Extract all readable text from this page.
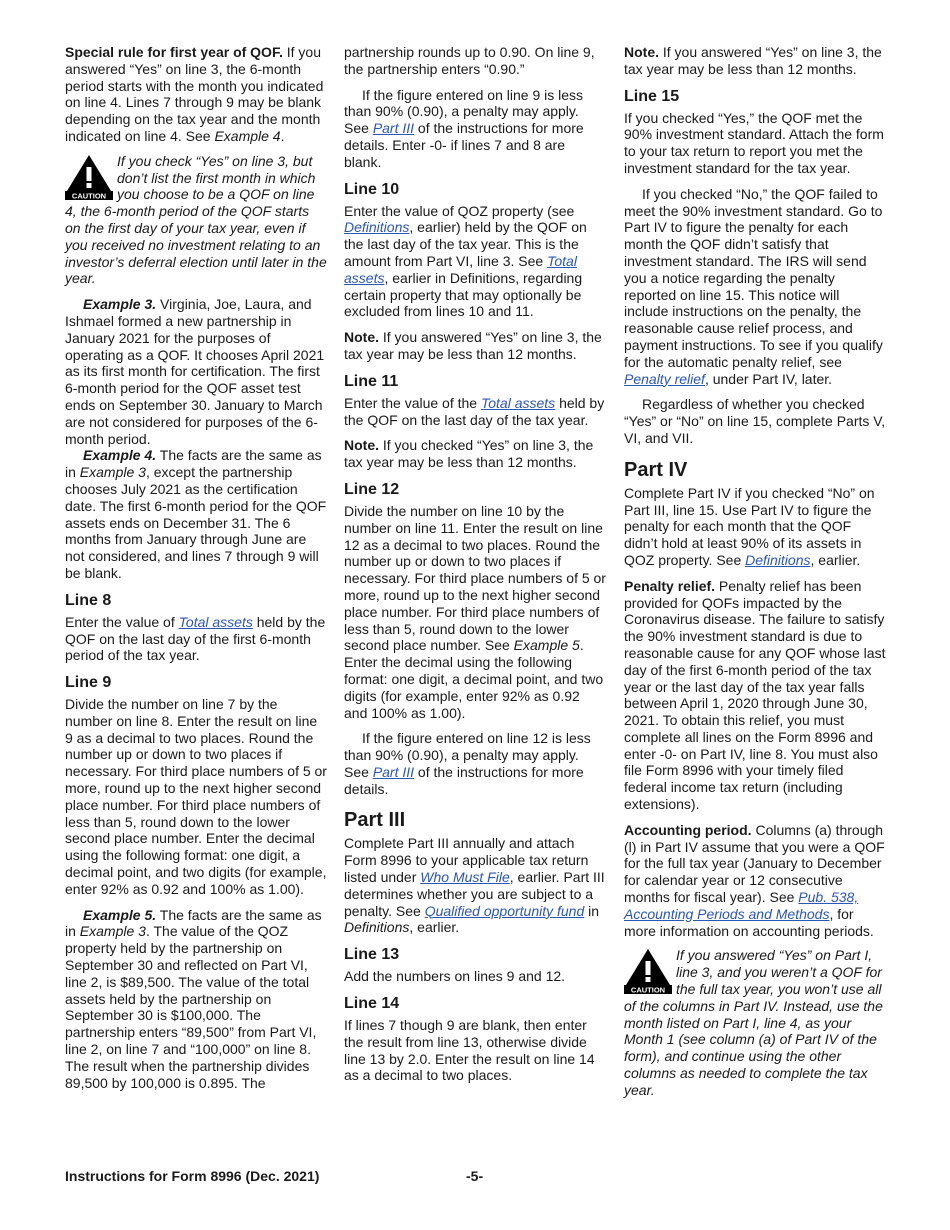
Special rule for first year of QOF. If you answered “Yes” on line 3, the 6-month period starts with the month you indicated on line 4. Lines 7 through 9 may be blank depending on the tax year and the month indicated on line 4. See Example 4.

CAUTION

If you check “Yes” on line 3, but don’t list the first month in which you choose to be a QOF on line 4, the 6-month period of the QOF starts on the first day of your tax year, even if you received no investment relating to an investor’s deferral election until later in the year.

Example 3. Virginia, Joe, Laura, and Ishmael formed a new partnership in January 2021 for the purposes of operating as a QOF. It chooses April 2021 as its first month for certification. The first 6-month period for the QOF asset test ends on September 30. January to March are not considered for purposes of the 6-month period.

Example 4. The facts are the same as in Example 3, except the partnership chooses July 2021 as the certification date. The first 6-month period for the QOF assets ends on December 31. The 6 months from January through June are not considered, and lines 7 through 9 will be blank.

Line 8

Enter the value of Total assets held by the QOF on the last day of the first 6-month period of the tax year.

Line 9

Divide the number on line 7 by the number on line 8. Enter the result on line 9 as a decimal to two places. Round the number up or down to two places if necessary. For third place numbers of 5 or more, round up to the next higher second place number. For third place numbers of less than 5, round down to the lower second place number. Enter the decimal using the following format: one digit, a decimal point, and two digits (for example, enter 92% as 0.92 and 100% as 1.00).

Example 5. The facts are the same as in Example 3. The value of the QOZ property held by the partnership on September 30 and reflected on Part VI, line 2, is $89,500. The value of the total assets held by the partnership on September 30 is $100,000. The partnership enters “89,500” from Part VI, line 2, on line 7 and “100,000” on line 8. The result when the partnership divides 89,500 by 100,000 is 0.895. The

partnership rounds up to 0.90. On line 9, the partnership enters “0.90.”

If the figure entered on line 9 is less than 90% (0.90), a penalty may apply. See Part III of the instructions for more details. Enter -0- if lines 7 and 8 are blank.

Line 10

Enter the value of QOZ property (see Definitions, earlier) held by the QOF on the last day of the tax year. This is the amount from Part VI, line 3. See Total assets, earlier in Definitions, regarding certain property that may optionally be excluded from lines 10 and 11.

Note. If you answered “Yes” on line 3, the tax year may be less than 12 months.

Line 11

Enter the value of the Total assets held by the QOF on the last day of the tax year.

Note. If you checked “Yes” on line 3, the tax year may be less than 12 months.

Line 12

Divide the number on line 10 by the number on line 11. Enter the result on line 12 as a decimal to two places. Round the number up or down to two places if necessary. For third place numbers of 5 or more, round up to the next higher second place number. For third place numbers of less than 5, round down to the lower second place number. See Example 5. Enter the decimal using the following format: one digit, a decimal point, and two digits (for example, enter 92% as 0.92 and 100% as 1.00).

If the figure entered on line 12 is less than 90% (0.90), a penalty may apply. See Part III of the instructions for more details.

Part III

Complete Part III annually and attach Form 8996 to your applicable tax return listed under Who Must File, earlier. Part III determines whether you are subject to a penalty. See Qualified opportunity fund in Definitions, earlier.

Line 13

Add the numbers on lines 9 and 12.

Line 14

If lines 7 though 9 are blank, then enter the result from line 13, otherwise divide line 13 by 2.0. Enter the result on line 14 as a decimal to two places.

Note. If you answered “Yes” on line 3, the tax year may be less than 12 months.

Line 15

If you checked “Yes,” the QOF met the 90% investment standard. Attach the form to your tax return to report you met the investment standard for the tax year.

If you checked “No,” the QOF failed to meet the 90% investment standard. Go to Part IV to figure the penalty for each month the QOF didn’t satisfy that investment standard. The IRS will send you a notice regarding the penalty reported on line 15. This notice will include instructions on the penalty, the reasonable cause relief process, and payment instructions. To see if you qualify for the automatic penalty relief, see Penalty relief, under Part IV, later.

Regardless of whether you checked “Yes” or “No” on line 15, complete Parts V, VI, and VII.

Part IV

Complete Part IV if you checked “No” on Part III, line 15. Use Part IV to figure the penalty for each month that the QOF didn’t hold at least 90% of its assets in QOZ property. See Definitions, earlier.

Penalty relief. Penalty relief has been provided for QOFs impacted by the Coronavirus disease. The failure to satisfy the 90% investment standard is due to reasonable cause for any QOF whose last day of the first 6-month period of the tax year or the last day of the tax year falls between April 1, 2020 through June 30, 2021. To obtain this relief, you must complete all lines on the Form 8996 and enter -0- on Part IV, line 8. You must also file Form 8996 with your timely filed federal income tax return (including extensions).

Accounting period. Columns (a) through (l) in Part IV assume that you were a QOF for the full tax year (January to December for calendar year or 12 consecutive months for fiscal year). See Pub. 538, Accounting Periods and Methods, for more information on accounting periods.

CAUTION

If you answered “Yes” on Part I, line 3, and you weren’t a QOF for the full tax year, you won’t use all of the columns in Part IV. Instead, use the month listed on Part I, line 4, as your Month 1 (see column (a) of Part IV of the form), and continue using the other columns as needed to complete the tax year.

Instructions for Form 8996 (Dec. 2021)	-5-
